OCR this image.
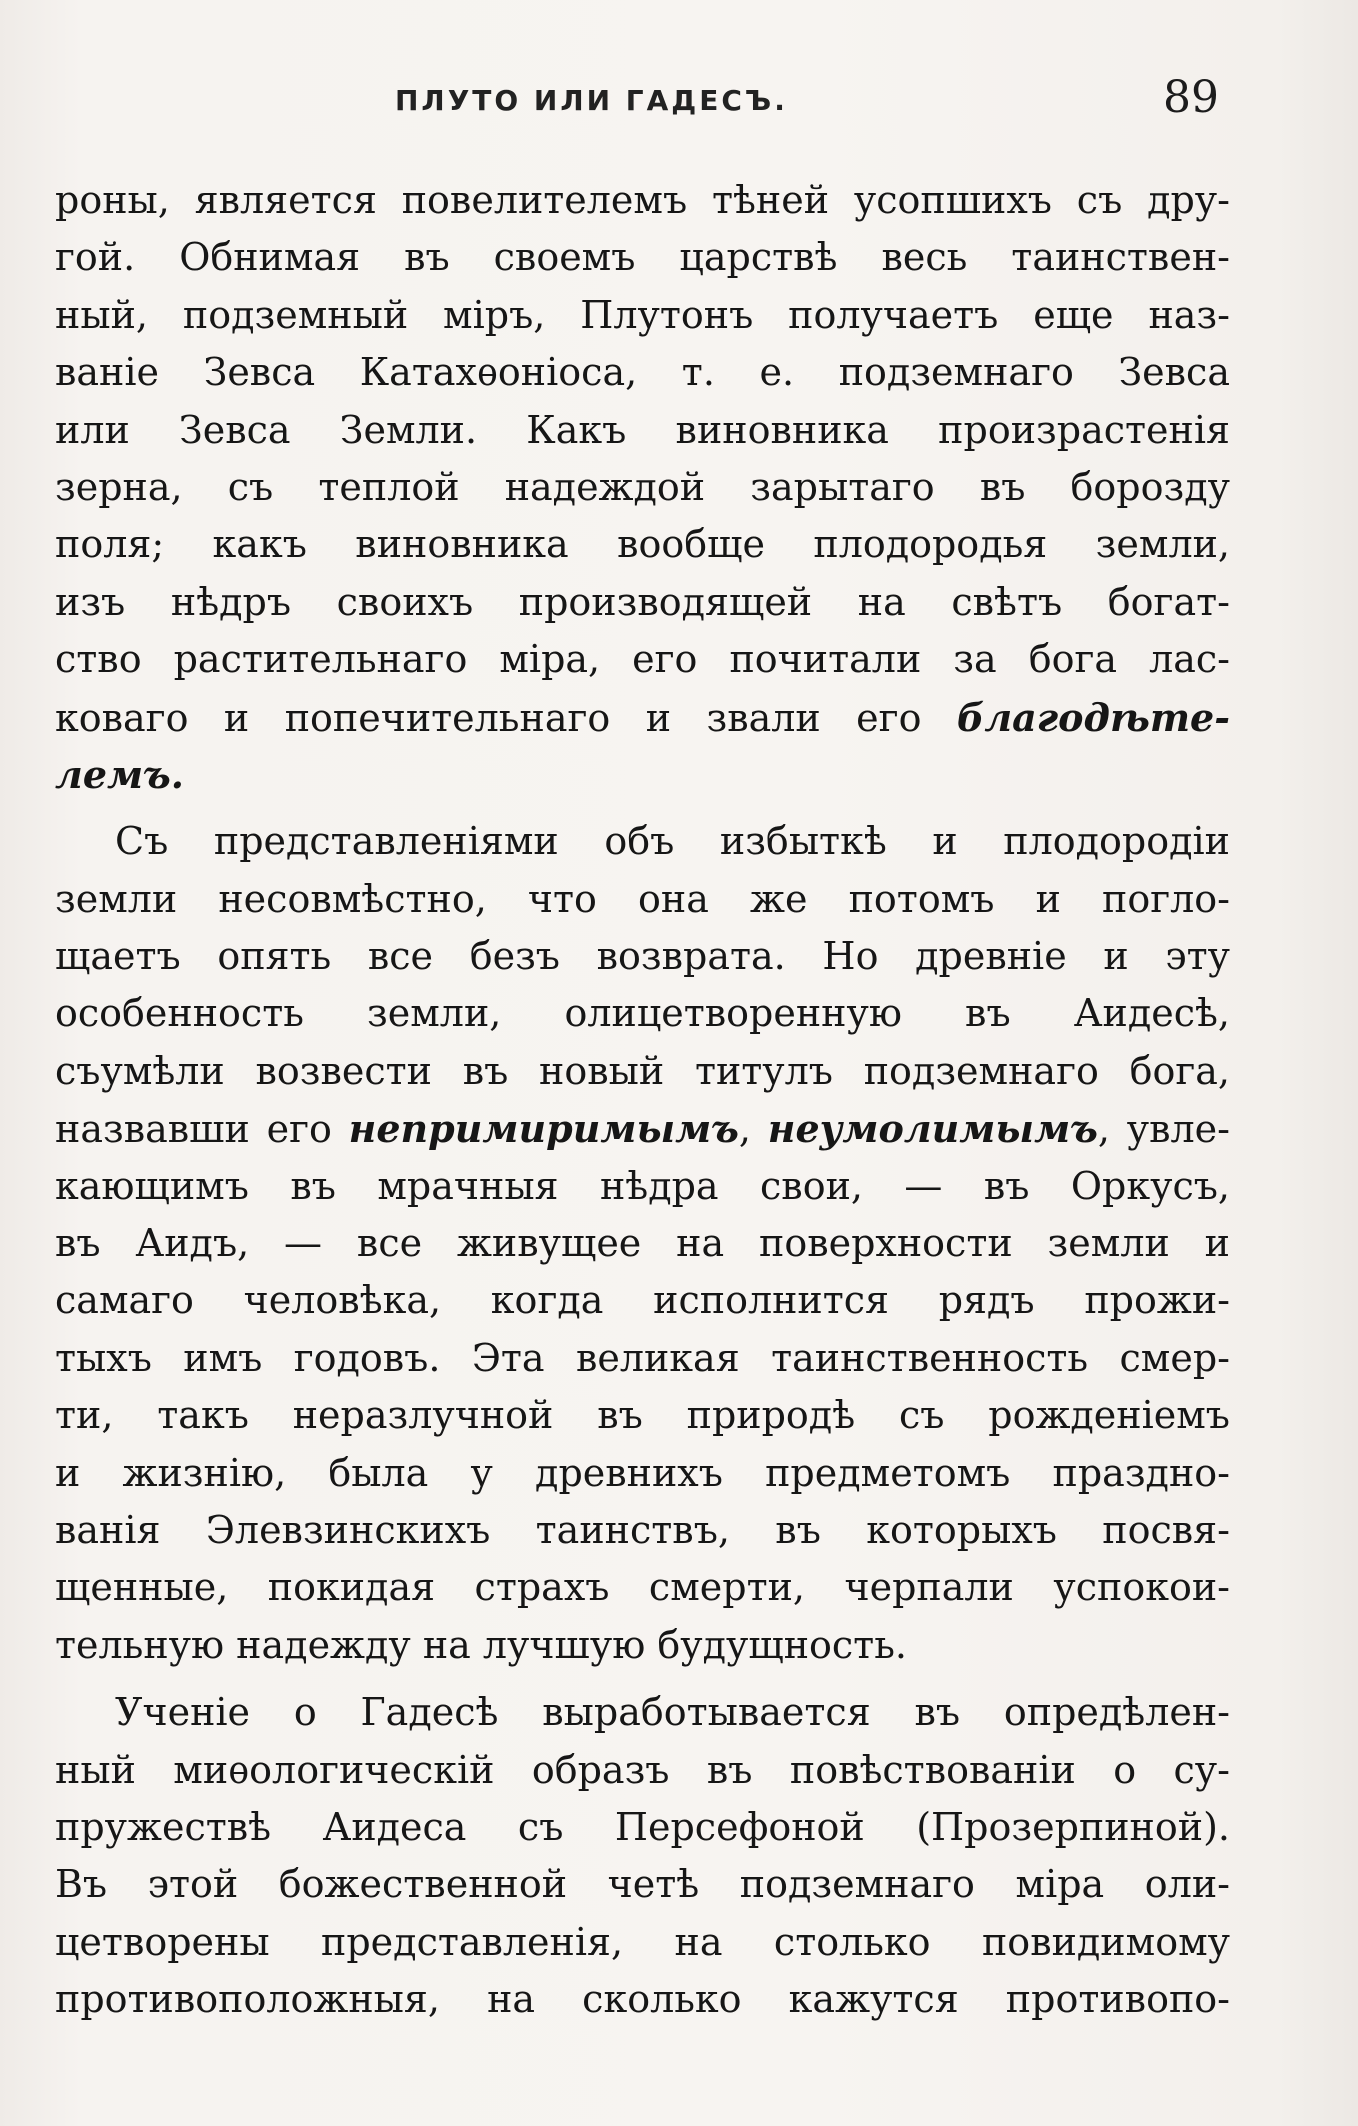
ПЛУТО ИЛИ ГАДЕСЪ.	89
роны, является повелителемъ тѣней усопшихъ съ дру-
гой. Обнимая въ своемъ царствѣ весь таинствен-
ный, подземный міръ, Плутонъ получаетъ еще наз-
ваніе Зевса Катахѳоніоса, т. е. подземнаго Зевса
или Зевса Земли. Какъ виновника произрастенія
зерна, съ теплой надеждой зарытаго въ борозду
поля; какъ виновника вообще плодородья земли,
изъ нѣдръ своихъ производящей на свѣтъ богат-
ство растительнаго міра, его почитали за бога лас-
коваго и попечительнаго и звали его благодѣте-
лемъ.
Съ представленіями объ избыткѣ и плодородіи
земли несовмѣстно, что она же потомъ и погло-
щаетъ опять все безъ возврата. Но древніе и эту
особенность земли, олицетворенную въ Аидесѣ,
съумѣли возвести въ новый титулъ подземнаго бога,
назвавши его непримиримымъ, неумолимымъ, увле-
кающимъ въ мрачныя нѣдра свои, — въ Оркусъ,
въ Аидъ, — все живущее на поверхности земли и
самаго человѣка, когда исполнится рядъ прожи-
тыхъ имъ годовъ. Эта великая таинственность смер-
ти, такъ неразлучной въ природѣ съ рожденіемъ
и жизнію, была у древнихъ предметомъ праздно-
ванія Элевзинскихъ таинствъ, въ которыхъ посвя-
щенные, покидая страхъ смерти, черпали успокои-
тельную надежду на лучшую будущность.
Ученіе о Гадесѣ выработывается въ опредѣлен-
ный миѳологическій образъ въ повѣствованіи о су-
пружествѣ Аидеса съ Персефоной (Прозерпиной).
Въ этой божественной четѣ подземнаго міра оли-
цетворены представленія, на столько повидимому
противоположныя, на сколько кажутся противопо-
